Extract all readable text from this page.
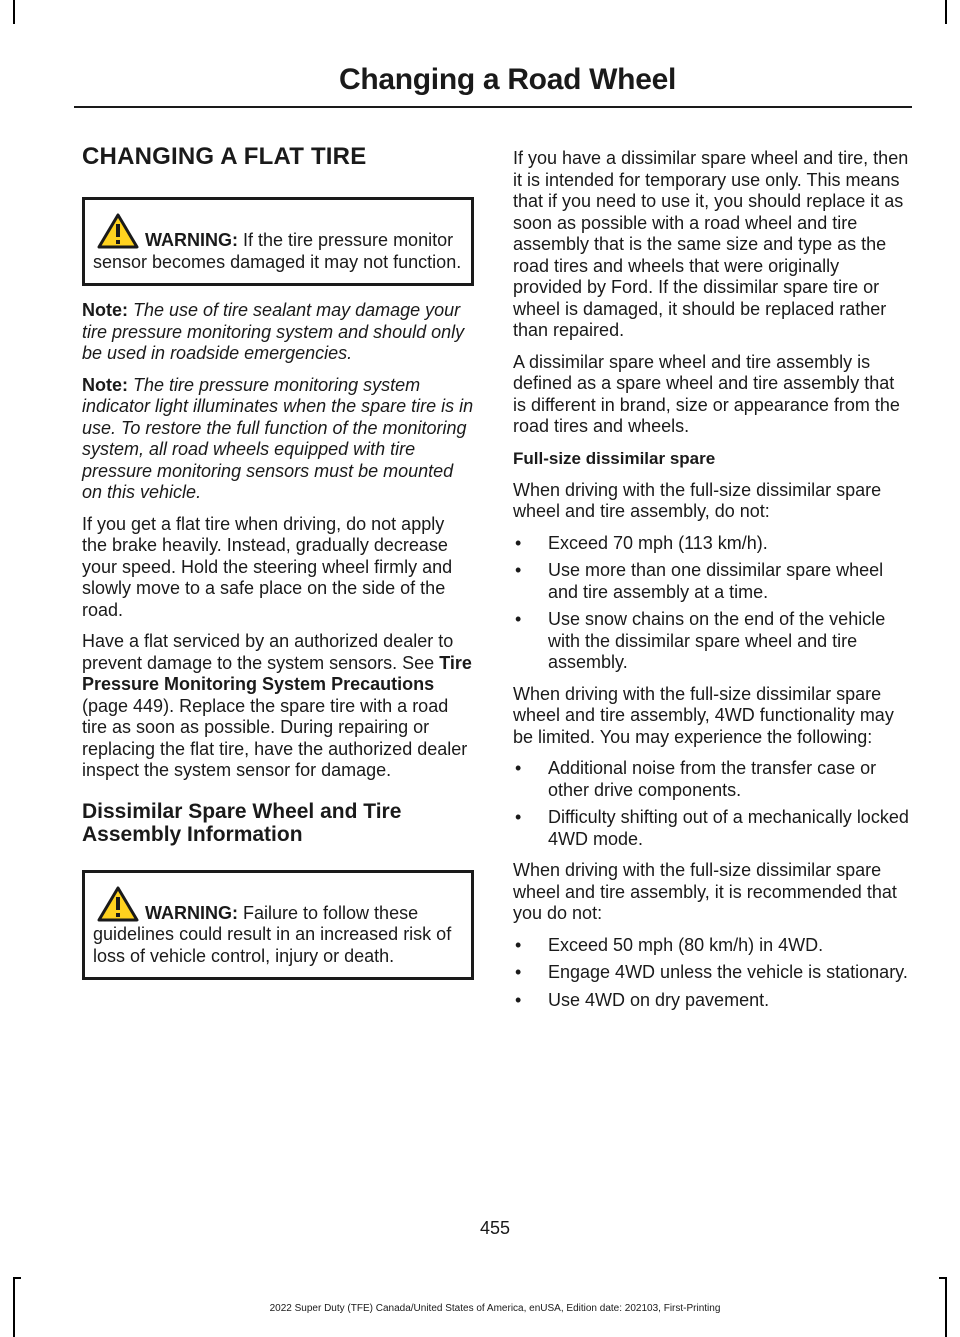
Changing a Road Wheel
CHANGING A FLAT TIRE
WARNING: If the tire pressure monitor sensor becomes damaged it may not function.

Note: The use of tire sealant may damage your tire pressure monitoring system and should only be used in roadside emergencies.

Note: The tire pressure monitoring system indicator light illuminates when the spare tire is in use. To restore the full function of the monitoring system, all road wheels equipped with tire pressure monitoring sensors must be mounted on this vehicle.

If you get a flat tire when driving, do not apply the brake heavily. Instead, gradually decrease your speed. Hold the steering wheel firmly and slowly move to a safe place on the side of the road.

Have a flat serviced by an authorized dealer to prevent damage to the system sensors. See Tire Pressure Monitoring System Precautions (page 449). Replace the spare tire with a road tire as soon as possible. During repairing or replacing the flat tire, have the authorized dealer inspect the system sensor for damage.

Dissimilar Spare Wheel and Tire Assembly Information
WARNING: Failure to follow these guidelines could result in an increased risk of loss of vehicle control, injury or death.

If you have a dissimilar spare wheel and tire, then it is intended for temporary use only. This means that if you need to use it, you should replace it as soon as possible with a road wheel and tire assembly that is the same size and type as the road tires and wheels that were originally provided by Ford. If the dissimilar spare tire or wheel is damaged, it should be replaced rather than repaired.

A dissimilar spare wheel and tire assembly is defined as a spare wheel and tire assembly that is different in brand, size or appearance from the road tires and wheels.

Full-size dissimilar spare

When driving with the full-size dissimilar spare wheel and tire assembly, do not:

• Exceed 70 mph (113 km/h).
• Use more than one dissimilar spare wheel and tire assembly at a time.
• Use snow chains on the end of the vehicle with the dissimilar spare wheel and tire assembly.

When driving with the full-size dissimilar spare wheel and tire assembly, 4WD functionality may be limited. You may experience the following:

• Additional noise from the transfer case or other drive components.
• Difficulty shifting out of a mechanically locked 4WD mode.

When driving with the full-size dissimilar spare wheel and tire assembly, it is recommended that you do not:

• Exceed 50 mph (80 km/h) in 4WD.
• Engage 4WD unless the vehicle is stationary.
• Use 4WD on dry pavement.
455
2022 Super Duty (TFE) Canada/United States of America, enUSA, Edition date: 202103, First-Printing
